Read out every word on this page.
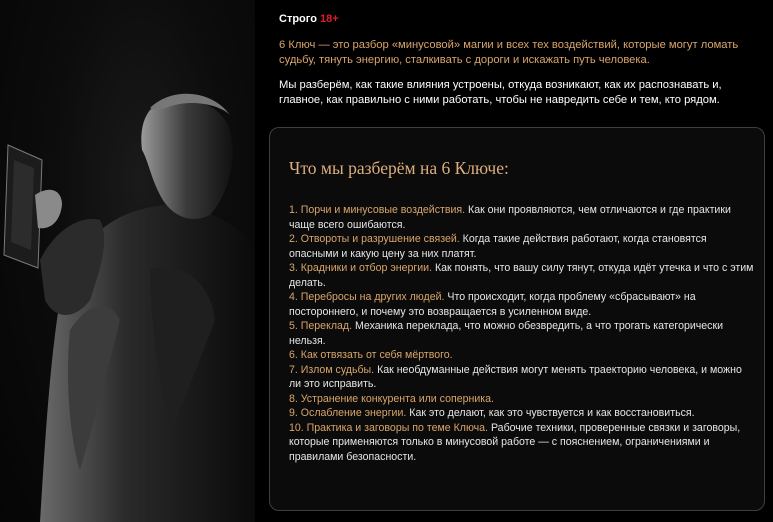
Строго 18+

6 Ключ — это разбор «минусовой» магии и всех тех воздействий, которые могут ломать судьбу, тянуть энергию, сталкивать с дороги и искажать путь человека.

Мы разберём, как такие влияния устроены, откуда возникают, как их распознавать и, главное, как правильно с ними работать, чтобы не навредить себе и тем, кто рядом.

Что мы разберём на 6 Ключе:

1. Порчи и минусовые воздействия. Как они проявляются, чем отличаются и где практики чаще всего ошибаются.

2. Отвороты и разрушение связей. Когда такие действия работают, когда становятся опасными и какую цену за них платят.

3. Крадники и отбор энергии. Как понять, что вашу силу тянут, откуда идёт утечка и что с этим делать.

4. Перебросы на других людей. Что происходит, когда проблему «сбрасывают» на постороннего, и почему это возвращается в усиленном виде.

5. Переклад. Механика переклада, что можно обезвредить, а что трогать категорически нельзя.

6. Как отвязать от себя мёртвого.

7. Излом судьбы. Как необдуманные действия могут менять траекторию человека, и можно ли это исправить.

8. Устранение конкурента или соперника.

9. Ослабление энергии. Как это делают, как это чувствуется и как восстановиться.

10. Практика и заговоры по теме Ключа. Рабочие техники, проверенные связки и заговоры, которые применяются только в минусовой работе — с пояснением, ограничениями и правилами безопасности.
